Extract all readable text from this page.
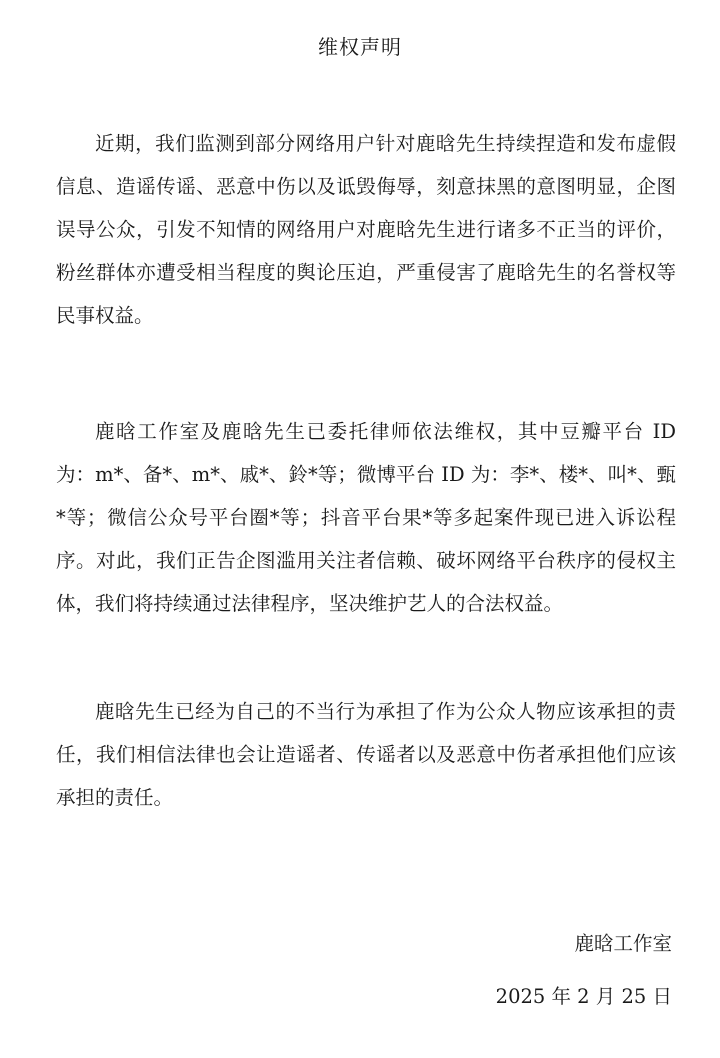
维权声明

近期，我们监测到部分网络用户针对鹿晗先生持续捏造和发布虚假信息、造谣传谣、恶意中伤以及诋毁侮辱，刻意抹黑的意图明显，企图误导公众，引发不知情的网络用户对鹿晗先生进行诸多不正当的评价，粉丝群体亦遭受相当程度的舆论压迫，严重侵害了鹿晗先生的名誉权等民事权益。

鹿晗工作室及鹿晗先生已委托律师依法维权，其中豆瓣平台 ID 为：m*、备*、m*、戚*、鈴*等；微博平台 ID 为：李*、楼*、叫*、甄*等；微信公众号平台圈*等；抖音平台果*等多起案件现已进入诉讼程序。对此，我们正告企图滥用关注者信赖、破坏网络平台秩序的侵权主体，我们将持续通过法律程序，坚决维护艺人的合法权益。

鹿晗先生已经为自己的不当行为承担了作为公众人物应该承担的责任，我们相信法律也会让造谣者、传谣者以及恶意中伤者承担他们应该承担的责任。

鹿晗工作室
2025 年 2 月 25 日
